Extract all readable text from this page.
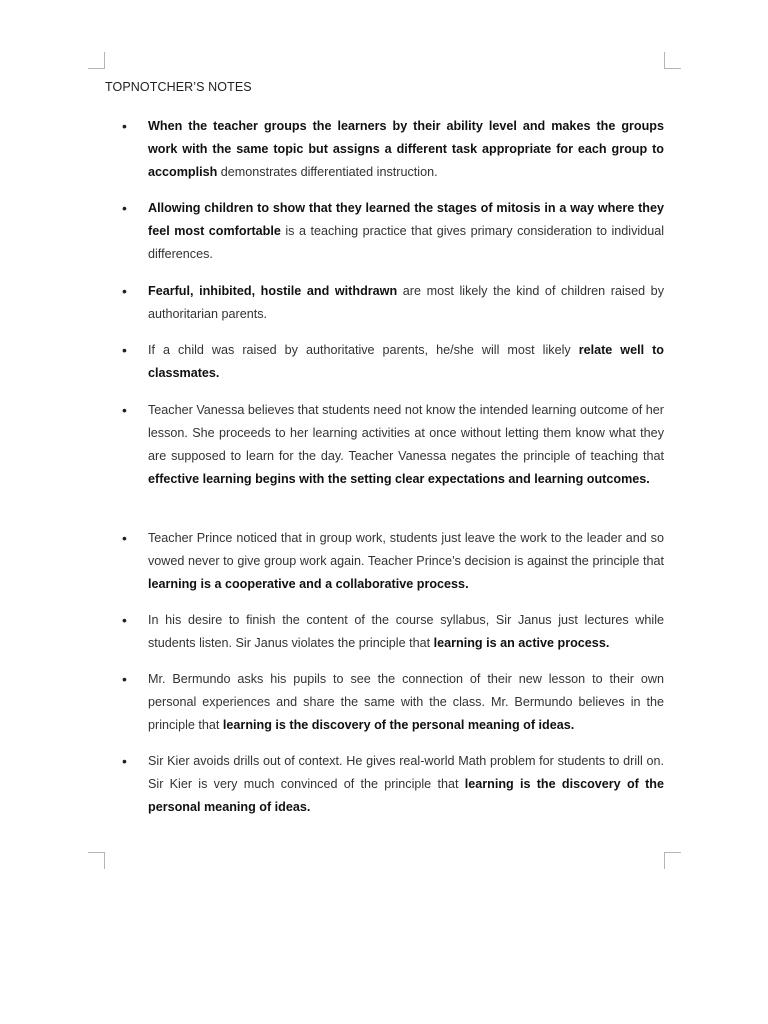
TOPNOTCHER’S NOTES
• When the teacher groups the learners by their ability level and makes the groups work with the same topic but assigns a different task appropriate for each group to accomplish demonstrates differentiated instruction.
• Allowing children to show that they learned the stages of mitosis in a way where they feel most comfortable is a teaching practice that gives primary consideration to individual differences.
• Fearful, inhibited, hostile and withdrawn are most likely the kind of children raised by authoritarian parents.
• If a child was raised by authoritative parents, he/she will most likely relate well to classmates.
• Teacher Vanessa believes that students need not know the intended learning outcome of her lesson. She proceeds to her learning activities at once without letting them know what they are supposed to learn for the day. Teacher Vanessa negates the principle of teaching that effective learning begins with the setting clear expectations and learning outcomes.
• Teacher Prince noticed that in group work, students just leave the work to the leader and so vowed never to give group work again. Teacher Prince’s decision is against the principle that learning is a cooperative and a collaborative process.
• In his desire to finish the content of the course syllabus, Sir Janus just lectures while students listen. Sir Janus violates the principle that learning is an active process.
• Mr. Bermundo asks his pupils to see the connection of their new lesson to their own personal experiences and share the same with the class. Mr. Bermundo believes in the principle that learning is the discovery of the personal meaning of ideas.
• Sir Kier avoids drills out of context. He gives real-world Math problem for students to drill on. Sir Kier is very much convinced of the principle that learning is the discovery of the personal meaning of ideas.
